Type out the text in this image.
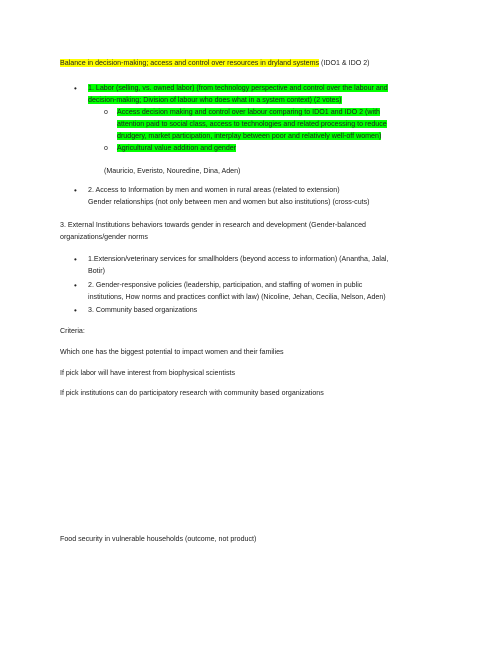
Balance in decision-making; access and control over resources in dryland systems (IDO1 & IDO 2)
• 1. Labor (selling, vs. owned labor) (from technology perspective and control over the labour and
decision-making; Division of labour who does what in a system context) (2 votes)
o Access decision making and control over labour comparing to IDO1 and IDO 2 (with
attention paid to social class, access to technologies and related processing to reduce
drudgery, market participation, interplay between poor and relatively well-off women)
o Agricultural value addition and gender
(Mauricio, Everisto, Nouredine, Dina, Aden)
• 2. Access to Information by men and women in rural areas (related to extension)
Gender relationships (not only between men and women but also institutions) (cross-cuts)
3. External Institutions behaviors towards gender in research and development (Gender-balanced
organizations/gender norms
• 1.Extension/veterinary services for smallholders (beyond access to information) (Anantha, Jalal,
Botir)
• 2. Gender-responsive policies (leadership, participation, and staffing of women in public
institutions, How norms and practices conflict with law) (Nicoline, Jehan, Cecilia, Nelson, Aden)
• 3. Community based organizations
Criteria:
Which one has the biggest potential to impact women and their families
If pick labor will have interest from biophysical scientists
If pick institutions can do participatory research with community based organizations
Food security in vulnerable households (outcome, not product)
